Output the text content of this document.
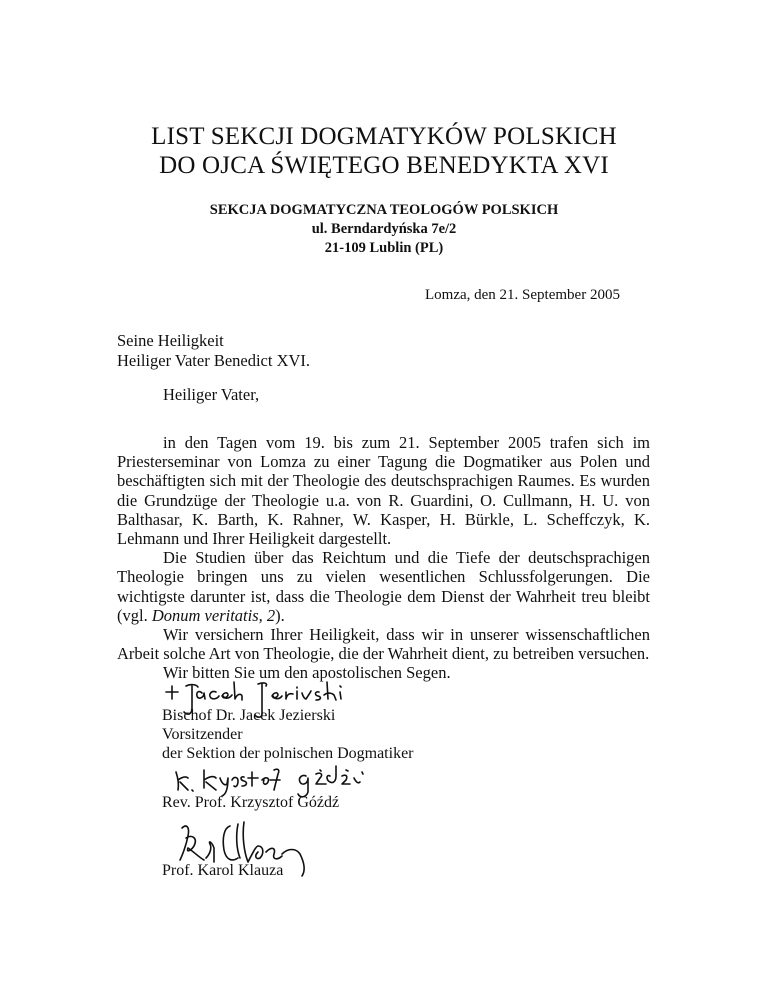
LIST SEKCJI DOGMATYKÓW POLSKICH
DO OJCA ŚWIĘTEGO BENEDYKTA XVI
SEKCJA DOGMATYCZNA TEOLOGÓW POLSKICH
ul. Berndardyńska 7e/2
21-109 Lublin (PL)
Lomza, den 21. September 2005
Seine Heiligkeit
Heiliger Vater Benedict XVI.
Heiliger Vater,

in den Tagen vom 19. bis zum 21. September 2005 trafen sich im Priesterseminar von Lomza zu einer Tagung die Dogmatiker aus Polen und beschäftigten sich mit der Theologie des deutschsprachigen Raumes. Es wurden die Grundzüge der Theologie u.a. von R. Guardini, O. Cullmann, H. U. von Balthasar, K. Barth, K. Rahner, W. Kasper, H. Bürkle, L. Scheffczyk, K. Lehmann und Ihrer Heiligkeit dargestellt.

Die Studien über das Reichtum und die Tiefe der deutschsprachigen Theologie bringen uns zu vielen wesentlichen Schlussfolgerungen. Die wichtigste darunter ist, dass die Theologie dem Dienst der Wahrheit treu bleibt (vgl. Donum veritatis, 2).

Wir versichern Ihrer Heiligkeit, dass wir in unserer wissenschaftlichen Arbeit solche Art von Theologie, die der Wahrheit dient, zu betreiben versuchen.

Wir bitten Sie um den apostolischen Segen.

Bischof Dr. Jacek Jezierski
Vorsitzender
der Sektion der polnischen Dogmatiker
Rev. Prof. Krzysztof Góźdź
Prof. Karol Klauza
